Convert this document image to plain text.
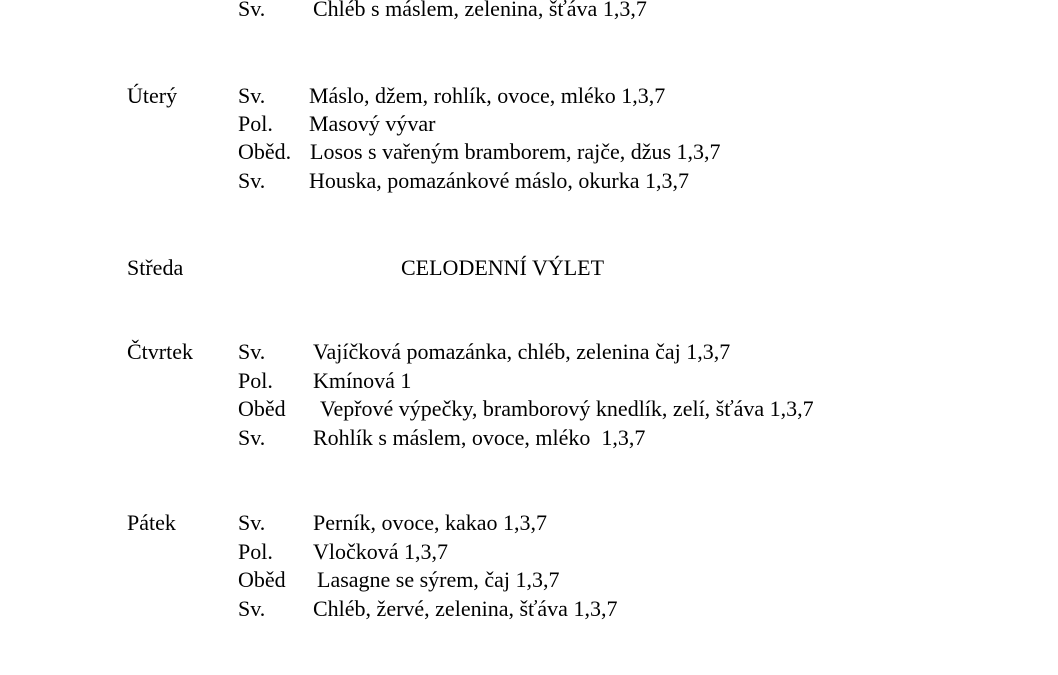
Sv. Chléb s máslem, zelenina, šťáva 1,3,7
Úterý	Sv. Máslo, džem, rohlík, ovoce, mléko 1,3,7
Pol. Masový vývar
Oběd. Losos s vařeným bramborem, rajče, džus 1,3,7
Sv. Houska, pomazánkové máslo, okurka 1,3,7
Středa	CELODENNÍ VÝLET
Čtvrtek Sv. Vajíčková pomazánka, chléb, zelenina čaj 1,3,7
Pol. Kmínová 1
Oběd Vepřové výpečky, bramborový knedlík, zelí, šťáva 1,3,7
Sv. Rohlík s máslem, ovoce, mléko  1,3,7
Pátek	Sv. Perník, ovoce, kakao 1,3,7
Pol. Vločková 1,3,7
Oběd Lasagne se sýrem, čaj 1,3,7
Sv. Chléb, žervé, zelenina, šťáva 1,3,7
